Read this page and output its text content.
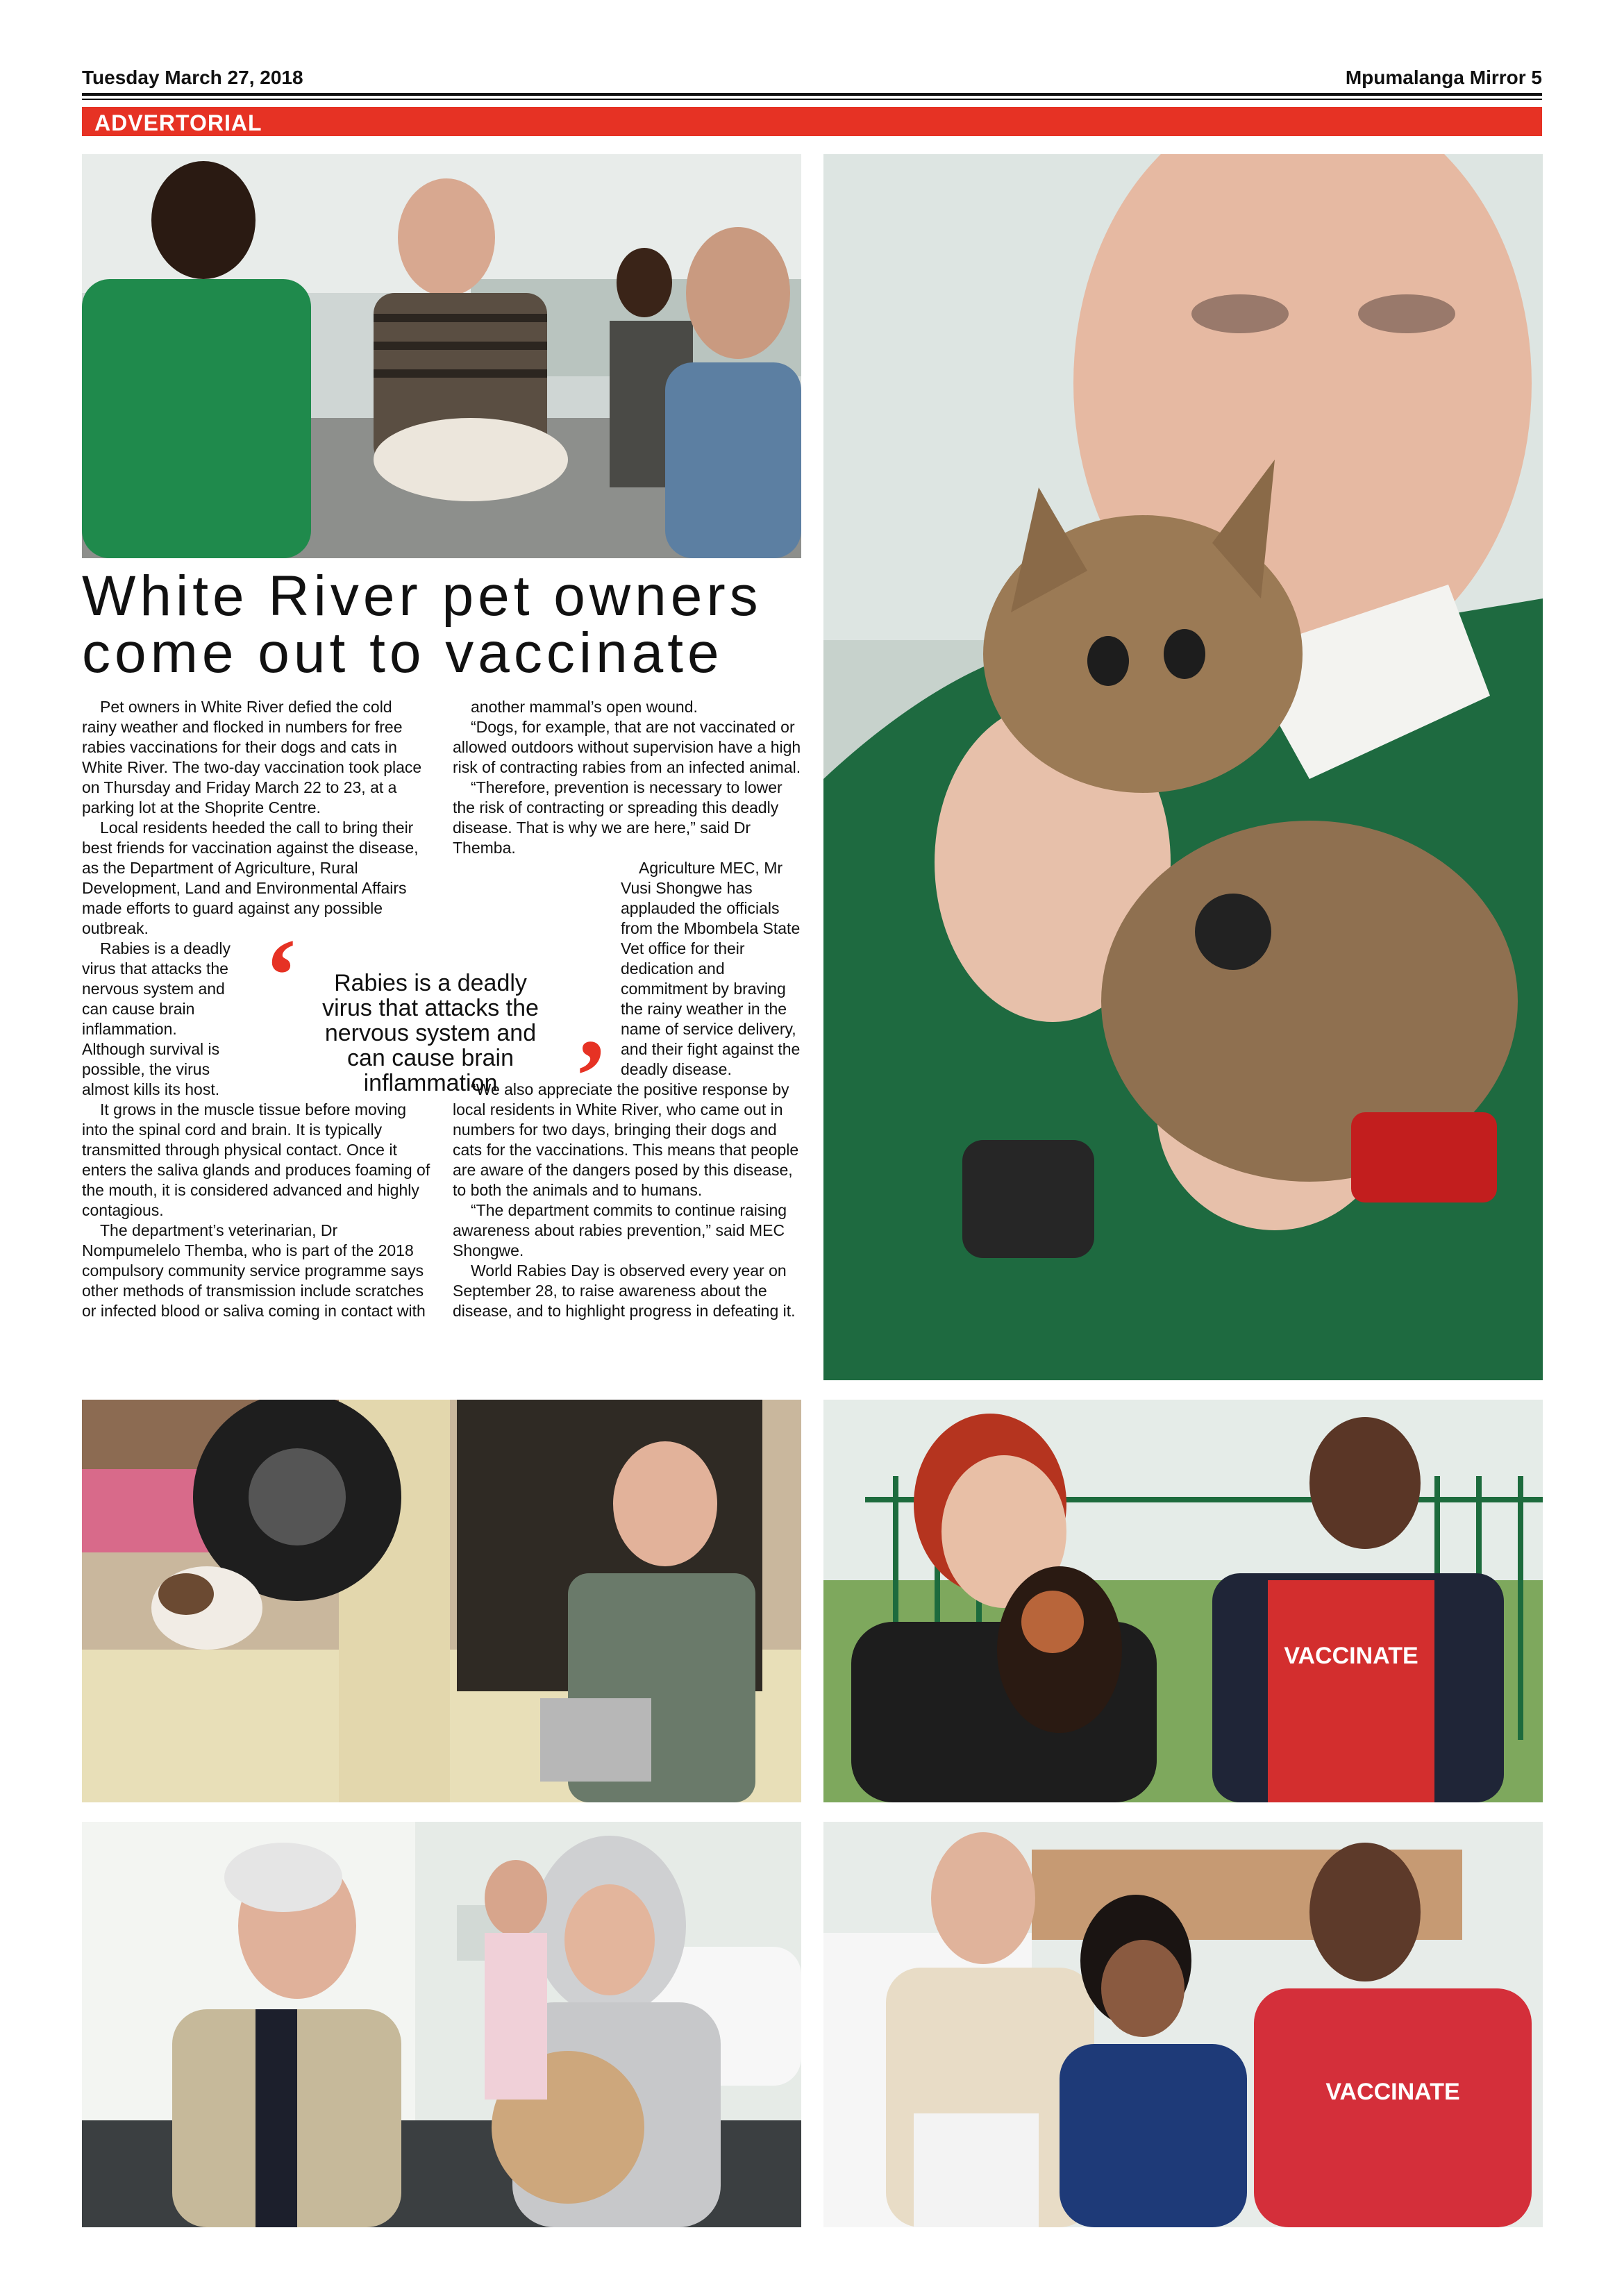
Tuesday March 27, 2018	Mpumalanga Mirror 5
ADVERTORIAL
White River pet owners
come out to vaccinate

Pet owners in White River defied the cold rainy weather and flocked in numbers for free rabies vaccinations for their dogs and cats in White River. The two-day vaccination took place on Thursday and Friday March 22 to 23, at a parking lot at the Shoprite Centre.

Local residents heeded the call to bring their best friends for vaccination against the disease, as the Department of Agriculture, Rural Development, Land and Environmental Affairs made efforts to guard against any possible outbreak.

Rabies is a deadly virus that attacks the nervous system and can cause brain inflammation. Although survival is possible, the virus almost kills its host.

It grows in the muscle tissue before moving into the spinal cord and brain. It is typically transmitted through physical contact. Once it enters the saliva glands and produces foaming of the mouth, it is considered advanced and highly contagious.

The department’s veterinarian, Dr Nompumelelo Themba, who is part of the 2018 compulsory community service programme says other methods of transmission include scratches or infected blood or saliva coming in contact with

another mammal’s open wound.

“Dogs, for example, that are not vaccinated or allowed outdoors without supervision have a high risk of contracting rabies from an infected animal.

“Therefore, prevention is necessary to lower the risk of contracting or spreading this deadly disease. That is why we are here,” said Dr Themba.

Agriculture MEC, Mr Vusi Shongwe has applauded the officials from the Mbombela State Vet office for their dedication and commitment by braving the rainy weather in the name of service delivery, and their fight against the deadly disease.

“We also appreciate the positive response by local residents in White River, who came out in numbers for two days, bringing their dogs and cats for the vaccinations. This means that people are aware of the dangers posed by this disease, to both the animals and to humans.

“The department commits to continue raising awareness about rabies prevention,” said MEC Shongwe.

World Rabies Day is observed every year on September 28, to raise awareness about the disease, and to highlight progress in defeating it.

‘	Rabies is a deadly virus that attacks the nervous system and can cause brain inflammation ’
VACCINATE
VACCINATE
